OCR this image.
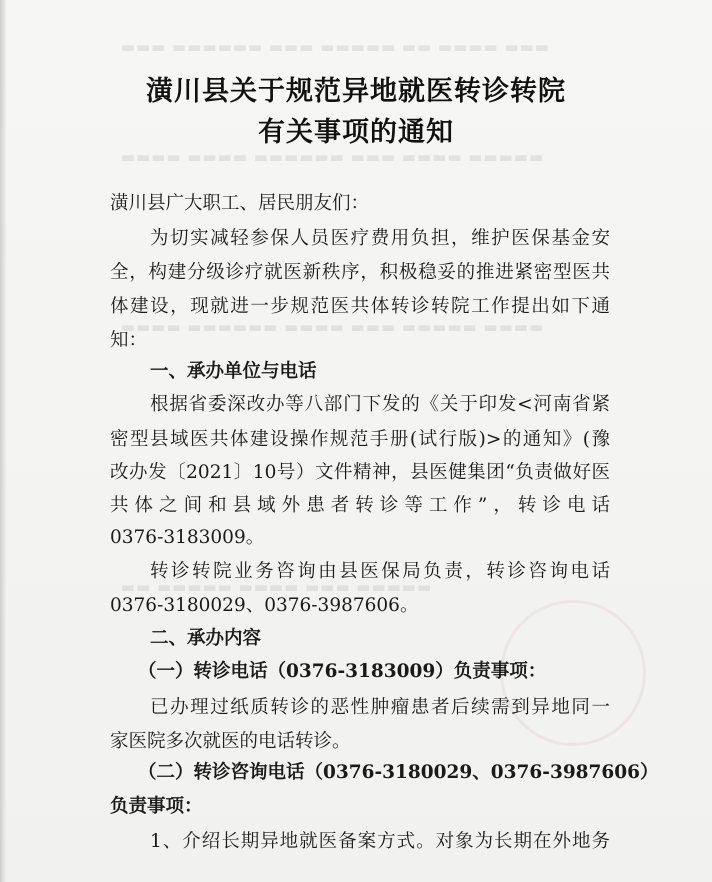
▬▬▬ ▬▬▬▬ ▬▬ ▬▬▬▬▬ ▬▬▬ ▬▬▬▬▬▬ ▬▬▬
▬▬▬▬▬ ▬▬▬▬ ▬▬▬ ▬▬▬▬▬▬ ▬▬▬▬ ▬▬▬▬
▬▬▬▬ ▬▬▬▬▬ ▬▬▬ ▬▬▬▬ ▬▬▬▬▬▬ ▬▬▬▬
▬▬▬▬▬ ▬▬▬ ▬▬▬▬ ▬▬▬▬▬ ▬▬
潢川县关于规范异地就医转诊转院
有关事项的通知
潢川县广大职工、居民朋友们：
为切实减轻参保人员医疗费用负担，维护医保基金安
全，构建分级诊疗就医新秩序，积极稳妥的推进紧密型医共
体建设，现就进一步规范医共体转诊转院工作提出如下通
知：
一、承办单位与电话
根据省委深改办等八部门下发的《关于印发<河南省紧
密型县域医共体建设操作规范手册(试行版)>的通知》(豫
改办发〔2021〕10号）文件精神，县医健集团“负责做好医
共体之间和县域外患者转诊等工作”，转诊电话
0376-3183009。
转诊转院业务咨询由县医保局负责，转诊咨询电话
0376-3180029、0376-3987606。
二、承办内容
（一）转诊电话（0376-3183009）负责事项：
已办理过纸质转诊的恶性肿瘤患者后续需到异地同一
家医院多次就医的电话转诊。
（二）转诊咨询电话（0376-3180029、0376-3987606）
负责事项：
1、介绍长期异地就医备案方式。对象为长期在外地务
